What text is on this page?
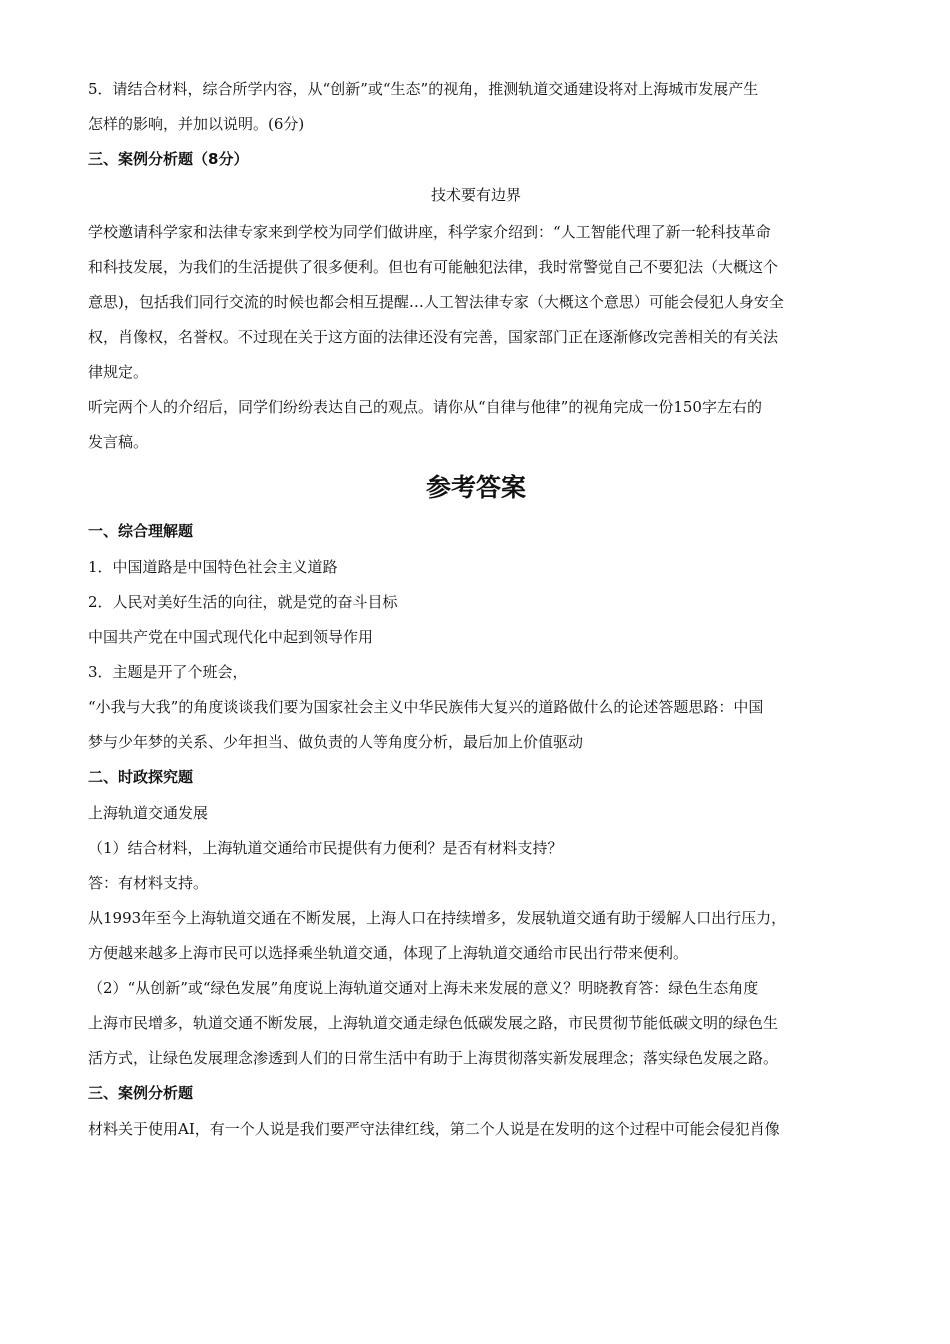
5．请结合材料，综合所学内容，从“创新”或“生态”的视角，推测轨道交通建设将对上海城市发展产生
怎样的影响，并加以说明。(6分)
三、案例分析题（8分）
技术要有边界
学校邀请科学家和法律专家来到学校为同学们做讲座，科学家介绍到：“人工智能代理了新一轮科技革命
和科技发展，为我们的生活提供了很多便利。但也有可能触犯法律，我时常警觉自己不要犯法（大概这个
意思)，包括我们同行交流的时候也都会相互提醒…人工智法律专家（大概这个意思）可能会侵犯人身安全
权，肖像权，名誉权。不过现在关于这方面的法律还没有完善，国家部门正在逐渐修改完善相关的有关法
律规定。
听完两个人的介绍后，同学们纷纷表达自己的观点。请你从“自律与他律”的视角完成一份150字左右的
发言稿。
参考答案
一、综合理解题
1．中国道路是中国特色社会主义道路
2．人民对美好生活的向往，就是党的奋斗目标
中国共产党在中国式现代化中起到领导作用
3．主题是开了个班会，
“小我与大我”的角度谈谈我们要为国家社会主义中华民族伟大复兴的道路做什么的论述答题思路：中国
梦与少年梦的关系、少年担当、做负责的人等角度分析，最后加上价值驱动
二、时政探究题
上海轨道交通发展
（1）结合材料，上海轨道交通给市民提供有力便利？是否有材料支持？
答：有材料支持。
从1993年至今上海轨道交通在不断发展，上海人口在持续增多，发展轨道交通有助于缓解人口出行压力，
方便越来越多上海市民可以选择乘坐轨道交通，体现了上海轨道交通给市民出行带来便利。
（2）“从创新”或“绿色发展”角度说上海轨道交通对上海未来发展的意义？明晓教育答：绿色生态角度
上海市民增多，轨道交通不断发展，上海轨道交通走绿色低碳发展之路，市民贯彻节能低碳文明的绿色生
活方式，让绿色发展理念渗透到人们的日常生活中有助于上海贯彻落实新发展理念；落实绿色发展之路。
三、案例分析题
材料关于使用AI，有一个人说是我们要严守法律红线，第二个人说是在发明的这个过程中可能会侵犯肖像
